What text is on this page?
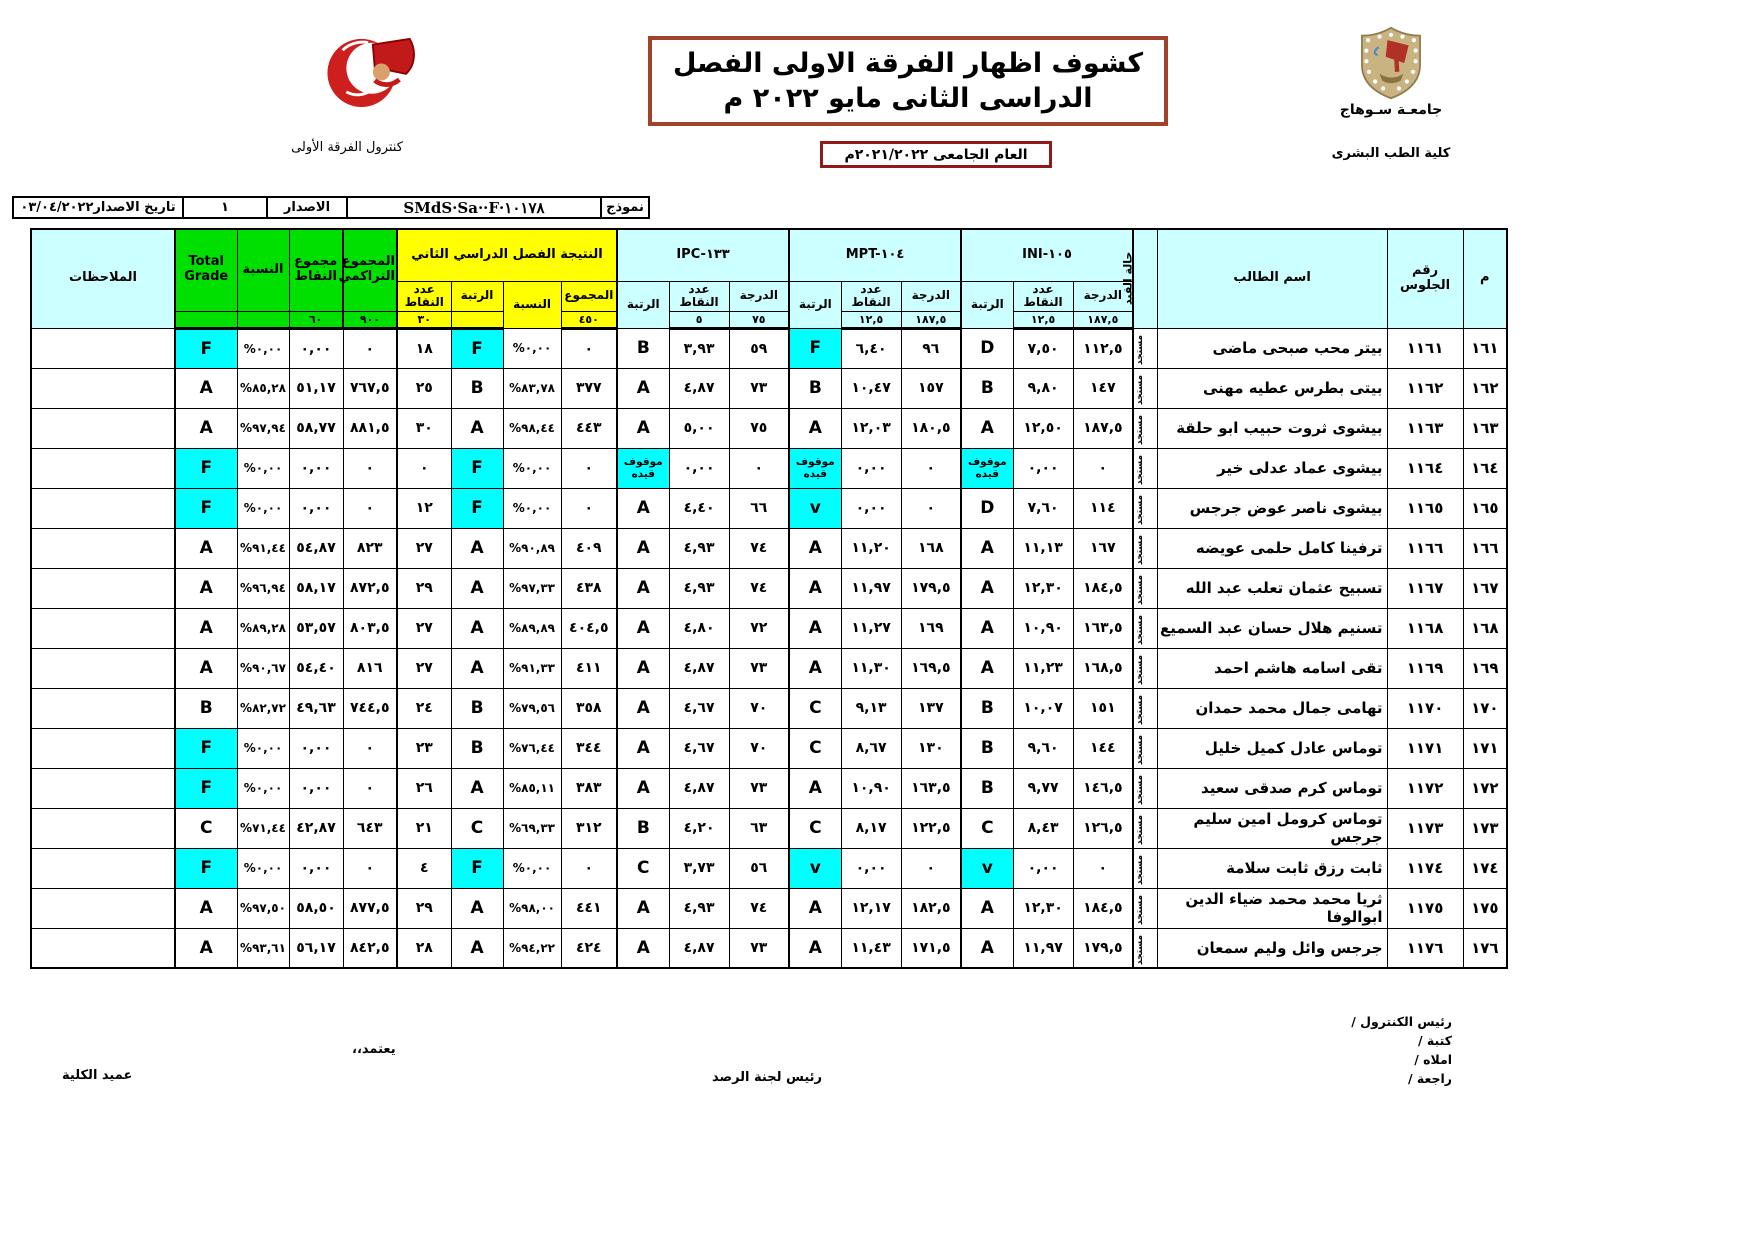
جامعـة سـوهاج
كلية الطب البشرى
كنترول الفرقة الأولى
كشوف اظهار الفرقة الاولى الفصل
الدراسى الثانى مايو ٢٠٢٢ م
العام الجامعى ٢٠٢١/٢٠٢٢م
تاريخ الاصدار
٠٣/٠٤/٢٠٢٢	١	الاصدار	SMdS·Sa··F·١٠١٧٨	نموذج
م	رقم الجلوس	اسم الطالب	حالة القيد	INI-١٠٥			MPT-١٠٤			IPC-١٣٣			النتيجة الفصل الدراسي الثاني				المجموع التراكمي	مجموع النقاط	النسبة	Total Grade	الملاحظات
				الدرجة	عدد النقاط	الرتبة	الدرجة	عدد النقاط	الرتبة	الدرجة	عدد النقاط	الرتبة	المجموع	النسبة	الرتبة	عدد النقاط					
				١٨٧,٥	١٢,٥		١٨٧,٥	١٢,٥		٧٥	٥		٤٥٠			٣٠	٩٠٠	٦٠			
١٦١	١١٦١	بيتر محب صبحى ماضى	مستجد	١١٢,٥	٧,٥٠	D	٩٦	٦,٤٠	F	٥٩	٣,٩٣	B	٠	%٠,٠٠	F	١٨	٠	٠,٠٠	%٠,٠٠	F	
١٦٢	١١٦٢	بيتى بطرس عطيه مهنى	مستجد	١٤٧	٩,٨٠	B	١٥٧	١٠,٤٧	B	٧٣	٤,٨٧	A	٣٧٧	%٨٣,٧٨	B	٢٥	٧٦٧,٥	٥١,١٧	%٨٥,٢٨	A	
١٦٣	١١٦٣	بيشوى ثروت حبيب ابو حلقة	مستجد	١٨٧,٥	١٢,٥٠	A	١٨٠,٥	١٢,٠٣	A	٧٥	٥,٠٠	A	٤٤٣	%٩٨,٤٤	A	٣٠	٨٨١,٥	٥٨,٧٧	%٩٧,٩٤	A	
١٦٤	١١٦٤	بيشوى عماد عدلى خير	مستجد	٠	٠,٠٠	موقوف قيده	٠	٠,٠٠	موقوف قيده	٠	٠,٠٠	موقوف قيده	٠	%٠,٠٠	F	٠	٠	٠,٠٠	%٠,٠٠	F	
١٦٥	١١٦٥	بيشوى ناصر عوض جرجس	مستجد	١١٤	٧,٦٠	D	٠	٠,٠٠	v	٦٦	٤,٤٠	A	٠	%٠,٠٠	F	١٢	٠	٠,٠٠	%٠,٠٠	F	
١٦٦	١١٦٦	ترفينا كامل حلمى عويضه	مستجد	١٦٧	١١,١٣	A	١٦٨	١١,٢٠	A	٧٤	٤,٩٣	A	٤٠٩	%٩٠,٨٩	A	٢٧	٨٢٣	٥٤,٨٧	%٩١,٤٤	A	
١٦٧	١١٦٧	تسبيح عثمان تعلب عبد الله	مستجد	١٨٤,٥	١٢,٣٠	A	١٧٩,٥	١١,٩٧	A	٧٤	٤,٩٣	A	٤٣٨	%٩٧,٣٣	A	٢٩	٨٧٢,٥	٥٨,١٧	%٩٦,٩٤	A	
١٦٨	١١٦٨	تسنيم هلال حسان عبد السميع	مستجد	١٦٣,٥	١٠,٩٠	A	١٦٩	١١,٢٧	A	٧٢	٤,٨٠	A	٤٠٤,٥	%٨٩,٨٩	A	٢٧	٨٠٣,٥	٥٣,٥٧	%٨٩,٢٨	A	
١٦٩	١١٦٩	تقى اسامه هاشم احمد	مستجد	١٦٨,٥	١١,٢٣	A	١٦٩,٥	١١,٣٠	A	٧٣	٤,٨٧	A	٤١١	%٩١,٣٣	A	٢٧	٨١٦	٥٤,٤٠	%٩٠,٦٧	A	
١٧٠	١١٧٠	تهامى جمال محمد حمدان	مستجد	١٥١	١٠,٠٧	B	١٣٧	٩,١٣	C	٧٠	٤,٦٧	A	٣٥٨	%٧٩,٥٦	B	٢٤	٧٤٤,٥	٤٩,٦٣	%٨٢,٧٢	B	
١٧١	١١٧١	توماس عادل كميل خليل	مستجد	١٤٤	٩,٦٠	B	١٣٠	٨,٦٧	C	٧٠	٤,٦٧	A	٣٤٤	%٧٦,٤٤	B	٢٣	٠	٠,٠٠	%٠,٠٠	F	
١٧٢	١١٧٢	توماس كرم صدقى سعيد	مستجد	١٤٦,٥	٩,٧٧	B	١٦٣,٥	١٠,٩٠	A	٧٣	٤,٨٧	A	٣٨٣	%٨٥,١١	A	٢٦	٠	٠,٠٠	%٠,٠٠	F	
١٧٣	١١٧٣	توماس كرومل امين سليم جرجس	مستجد	١٢٦,٥	٨,٤٣	C	١٢٢,٥	٨,١٧	C	٦٣	٤,٢٠	B	٣١٢	%٦٩,٣٣	C	٢١	٦٤٣	٤٢,٨٧	%٧١,٤٤	C	
١٧٤	١١٧٤	ثابت رزق ثابت سلامة	مستجد	٠	٠,٠٠	v	٠	٠,٠٠	v	٥٦	٣,٧٣	C	٠	%٠,٠٠	F	٤	٠	٠,٠٠	%٠,٠٠	F	
١٧٥	١١٧٥	ثريا محمد محمد ضياء الدين ابوالوفا	مستجد	١٨٤,٥	١٢,٣٠	A	١٨٢,٥	١٢,١٧	A	٧٤	٤,٩٣	A	٤٤١	%٩٨,٠٠	A	٢٩	٨٧٧,٥	٥٨,٥٠	%٩٧,٥٠	A	
١٧٦	١١٧٦	جرجس وائل وليم سمعان	مستجد	١٧٩,٥	١١,٩٧	A	١٧١,٥	١١,٤٣	A	٧٣	٤,٨٧	A	٤٢٤	%٩٤,٢٢	A	٢٨	٨٤٢,٥	٥٦,١٧	%٩٣,٦١	A	
رئيس الكنترول /
كتبة /
املاه /
راجعة /
رئيس لجنة الرصد
يعتمد،،
عميد الكلية
